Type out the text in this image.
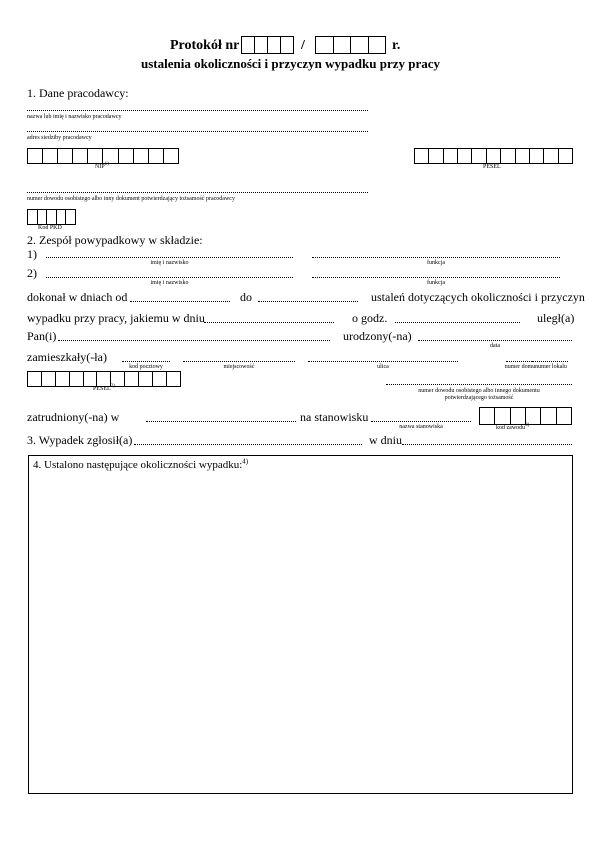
Protokół nr	/	r.
ustalenia okoliczności i przyczyn wypadku przy pracy
1. Dane pracodawcy:
nazwa lub imię i nazwisko pracodawcy
adres siedziby pracodawcy
NIP$^{1)}$	PESEL
numer dowodu osobistego albo inny dokument potwierdzający tożsamość pracodawcy
Kod PKD
2. Zespół powypadkowy w składzie:
1)
imię i nazwisko	funkcja
2)
imię i nazwisko	funkcja
dokonał w dniach od	do	ustaleń dotyczących okoliczności i przyczyn
wypadku przy pracy, jakiemu w dniu	o godz.	uległ(a)
Pan(i)	urodzony(-na)
data
zamieszkały(-ła)
kod pocztowy	miejscowość	ulica	numer domu numer lokalu
PESEL$^{2)}$
numer dowodu osobistego albo innego dokumentu
potwierdzającego tożsamość
zatrudniony(-na) w	na stanowisku
nazwa stanowiska	kod zawodu$^{3)}$
3. Wypadek zgłosił(a)	w dniu
4. Ustalono następujące okoliczności wypadku:$^{4)}$
